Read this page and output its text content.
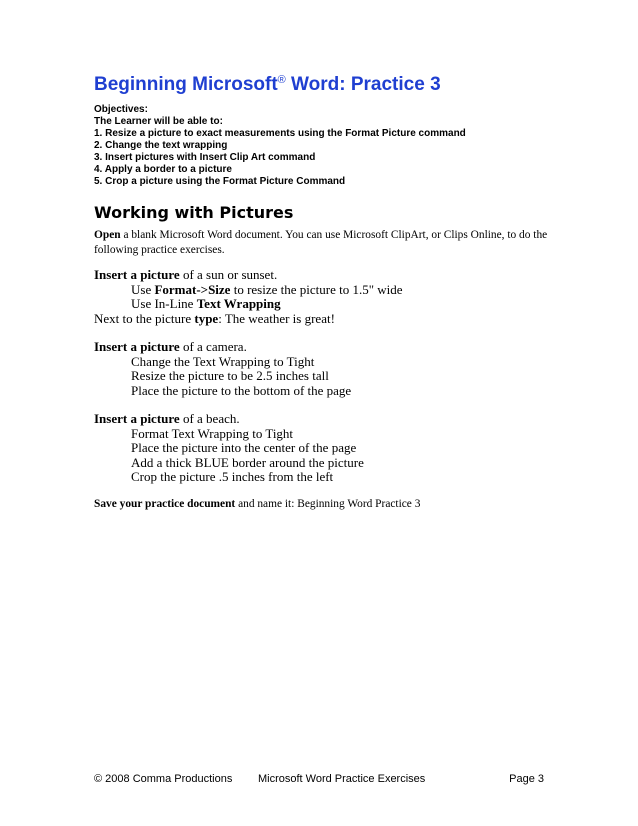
Beginning Microsoft® Word: Practice 3
Objectives:
The Learner will be able to:
1. Resize a picture to exact measurements using the Format Picture command
2. Change the text wrapping
3. Insert pictures with Insert Clip Art command
4. Apply a border to a picture
5. Crop a picture using the Format Picture Command
Working with Pictures
Open a blank Microsoft Word document. You can use Microsoft ClipArt, or Clips Online, to do the following practice exercises.
Insert a picture of a sun or sunset.
Use Format->Size to resize the picture to 1.5" wide
Use In-Line Text Wrapping
Next to the picture type: The weather is great!
Insert a picture of a camera.
Change the Text Wrapping to Tight
Resize the picture to be 2.5 inches tall
Place the picture to the bottom of the page
Insert a picture of a beach.
Format Text Wrapping to Tight
Place the picture into the center of the page
Add a thick BLUE border around the picture
Crop the picture .5 inches from the left
Save your practice document and name it: Beginning Word Practice 3
© 2008 Comma Productions Microsoft Word Practice Exercises	Page 3
